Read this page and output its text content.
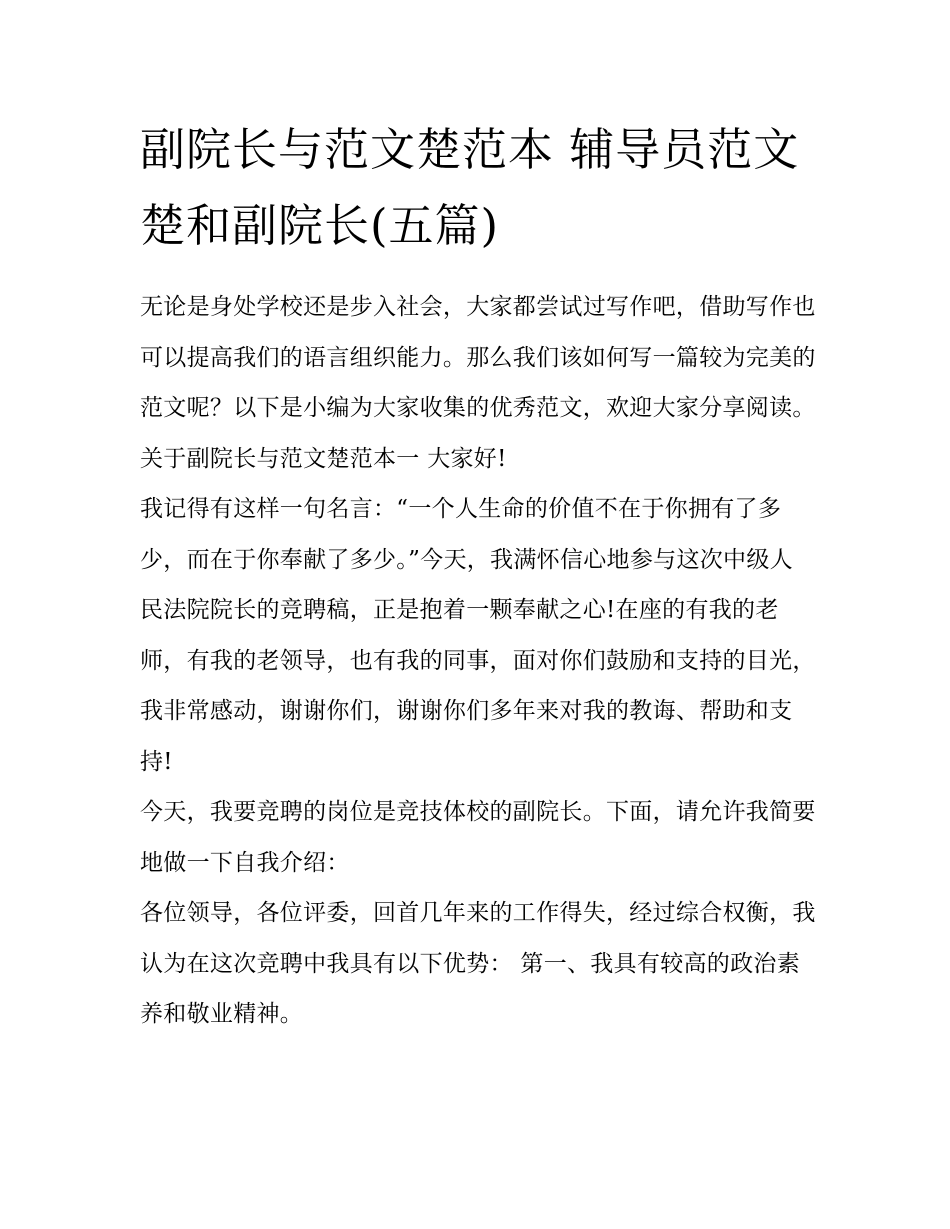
副院长与范文楚范本 辅导员范文楚和副院长(五篇)

无论是身处学校还是步入社会，大家都尝试过写作吧，借助写作也可以提高我们的语言组织能力。那么我们该如何写一篇较为完美的范文呢？以下是小编为大家收集的优秀范文，欢迎大家分享阅读。

关于副院长与范文楚范本一 大家好!

我记得有这样一句名言：“一个人生命的价值不在于你拥有了多少，而在于你奉献了多少。”今天，我满怀信心地参与这次中级人民法院院长的竞聘稿，正是抱着一颗奉献之心!在座的有我的老师，有我的老领导，也有我的同事，面对你们鼓励和支持的目光，我非常感动，谢谢你们，谢谢你们多年来对我的教诲、帮助和支持!

今天，我要竞聘的岗位是竞技体校的副院长。下面，请允许我简要地做一下自我介绍：

各位领导，各位评委，回首几年来的工作得失，经过综合权衡，我认为在这次竞聘中我具有以下优势： 第一、我具有较高的政治素养和敬业精神。
